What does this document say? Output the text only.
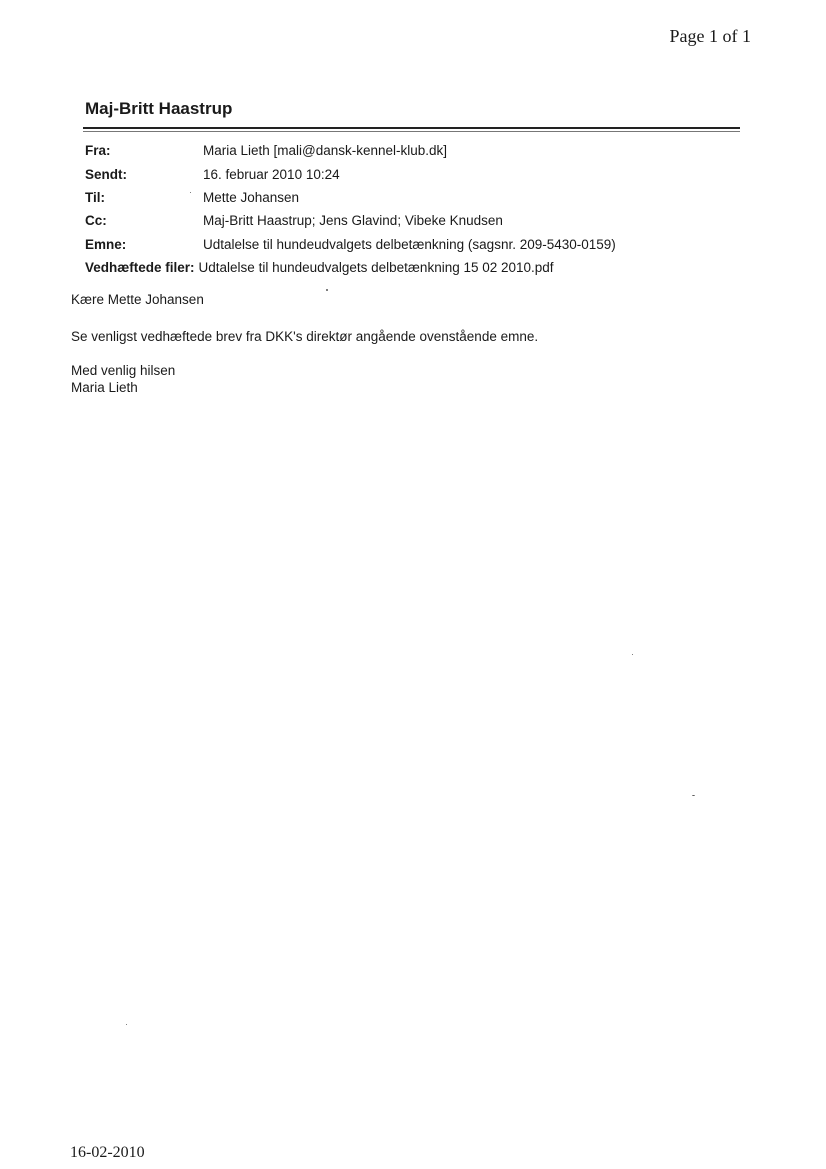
Page 1 of 1
Maj-Britt Haastrup
Fra:	Maria Lieth [mali@dansk-kennel-klub.dk]
Sendt:	16. februar 2010 10:24
Til:	Mette Johansen
Cc:	Maj-Britt Haastrup; Jens Glavind; Vibeke Knudsen
Emne:	Udtalelse til hundeudvalgets delbetænkning (sagsnr. 209-5430-0159)
Vedhæftede filer: Udtalelse til hundeudvalgets delbetænkning 15 02 2010.pdf
Kære Mette Johansen
Se venligst vedhæftede brev fra DKK's direktør angående ovenstående emne.
Med venlig hilsen
Maria Lieth
16-02-2010
